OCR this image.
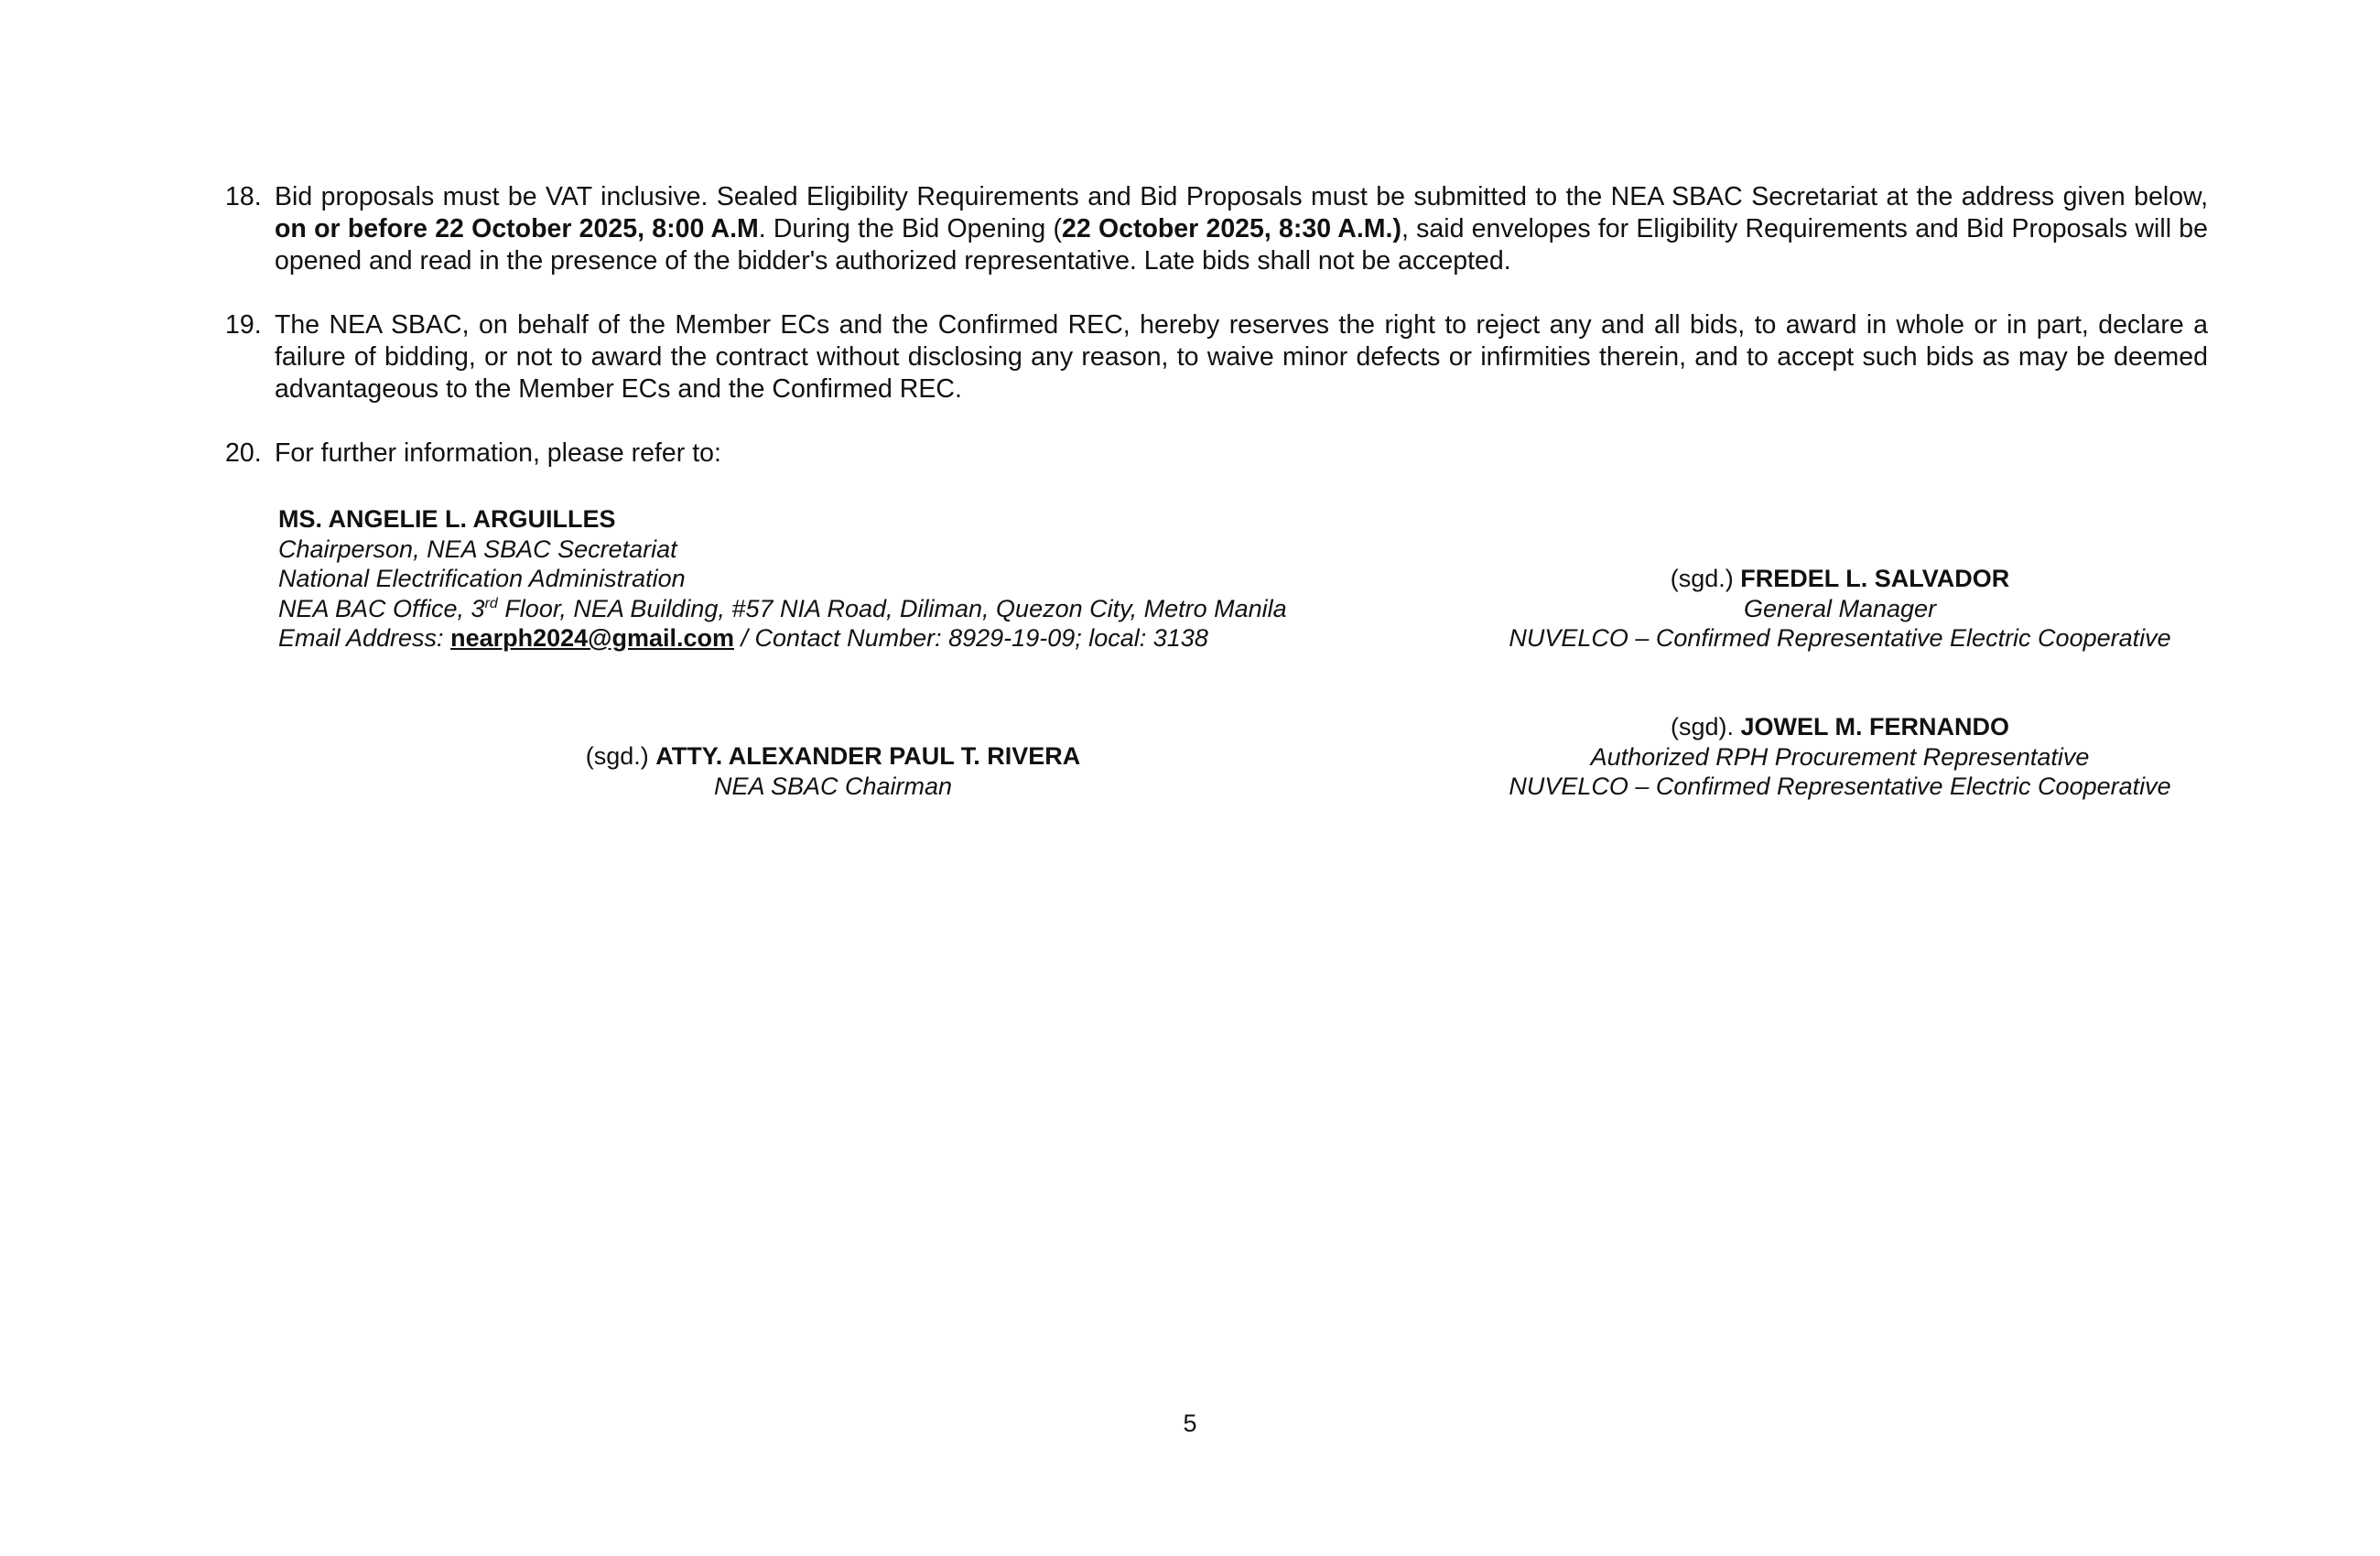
18. Bid proposals must be VAT inclusive. Sealed Eligibility Requirements and Bid Proposals must be submitted to the NEA SBAC Secretariat at the address given below, on or before 22 October 2025, 8:00 A.M. During the Bid Opening (22 October 2025, 8:30 A.M.), said envelopes for Eligibility Requirements and Bid Proposals will be opened and read in the presence of the bidder's authorized representative. Late bids shall not be accepted.
19. The NEA SBAC, on behalf of the Member ECs and the Confirmed REC, hereby reserves the right to reject any and all bids, to award in whole or in part, declare a failure of bidding, or not to award the contract without disclosing any reason, to waive minor defects or infirmities therein, and to accept such bids as may be deemed advantageous to the Member ECs and the Confirmed REC.
20. For further information, please refer to:
MS. ANGELIE L. ARGUILLES
Chairperson, NEA SBAC Secretariat
National Electrification Administration
NEA BAC Office, 3rd Floor, NEA Building, #57 NIA Road, Diliman, Quezon City, Metro Manila
Email Address: nearph2024@gmail.com / Contact Number: 8929-19-09; local: 3138
(sgd.) FREDEL L. SALVADOR
General Manager
NUVELCO – Confirmed Representative Electric Cooperative
(sgd). JOWEL M. FERNANDO
Authorized RPH Procurement Representative
NUVELCO – Confirmed Representative Electric Cooperative
(sgd.) ATTY. ALEXANDER PAUL T. RIVERA
NEA SBAC Chairman
5
